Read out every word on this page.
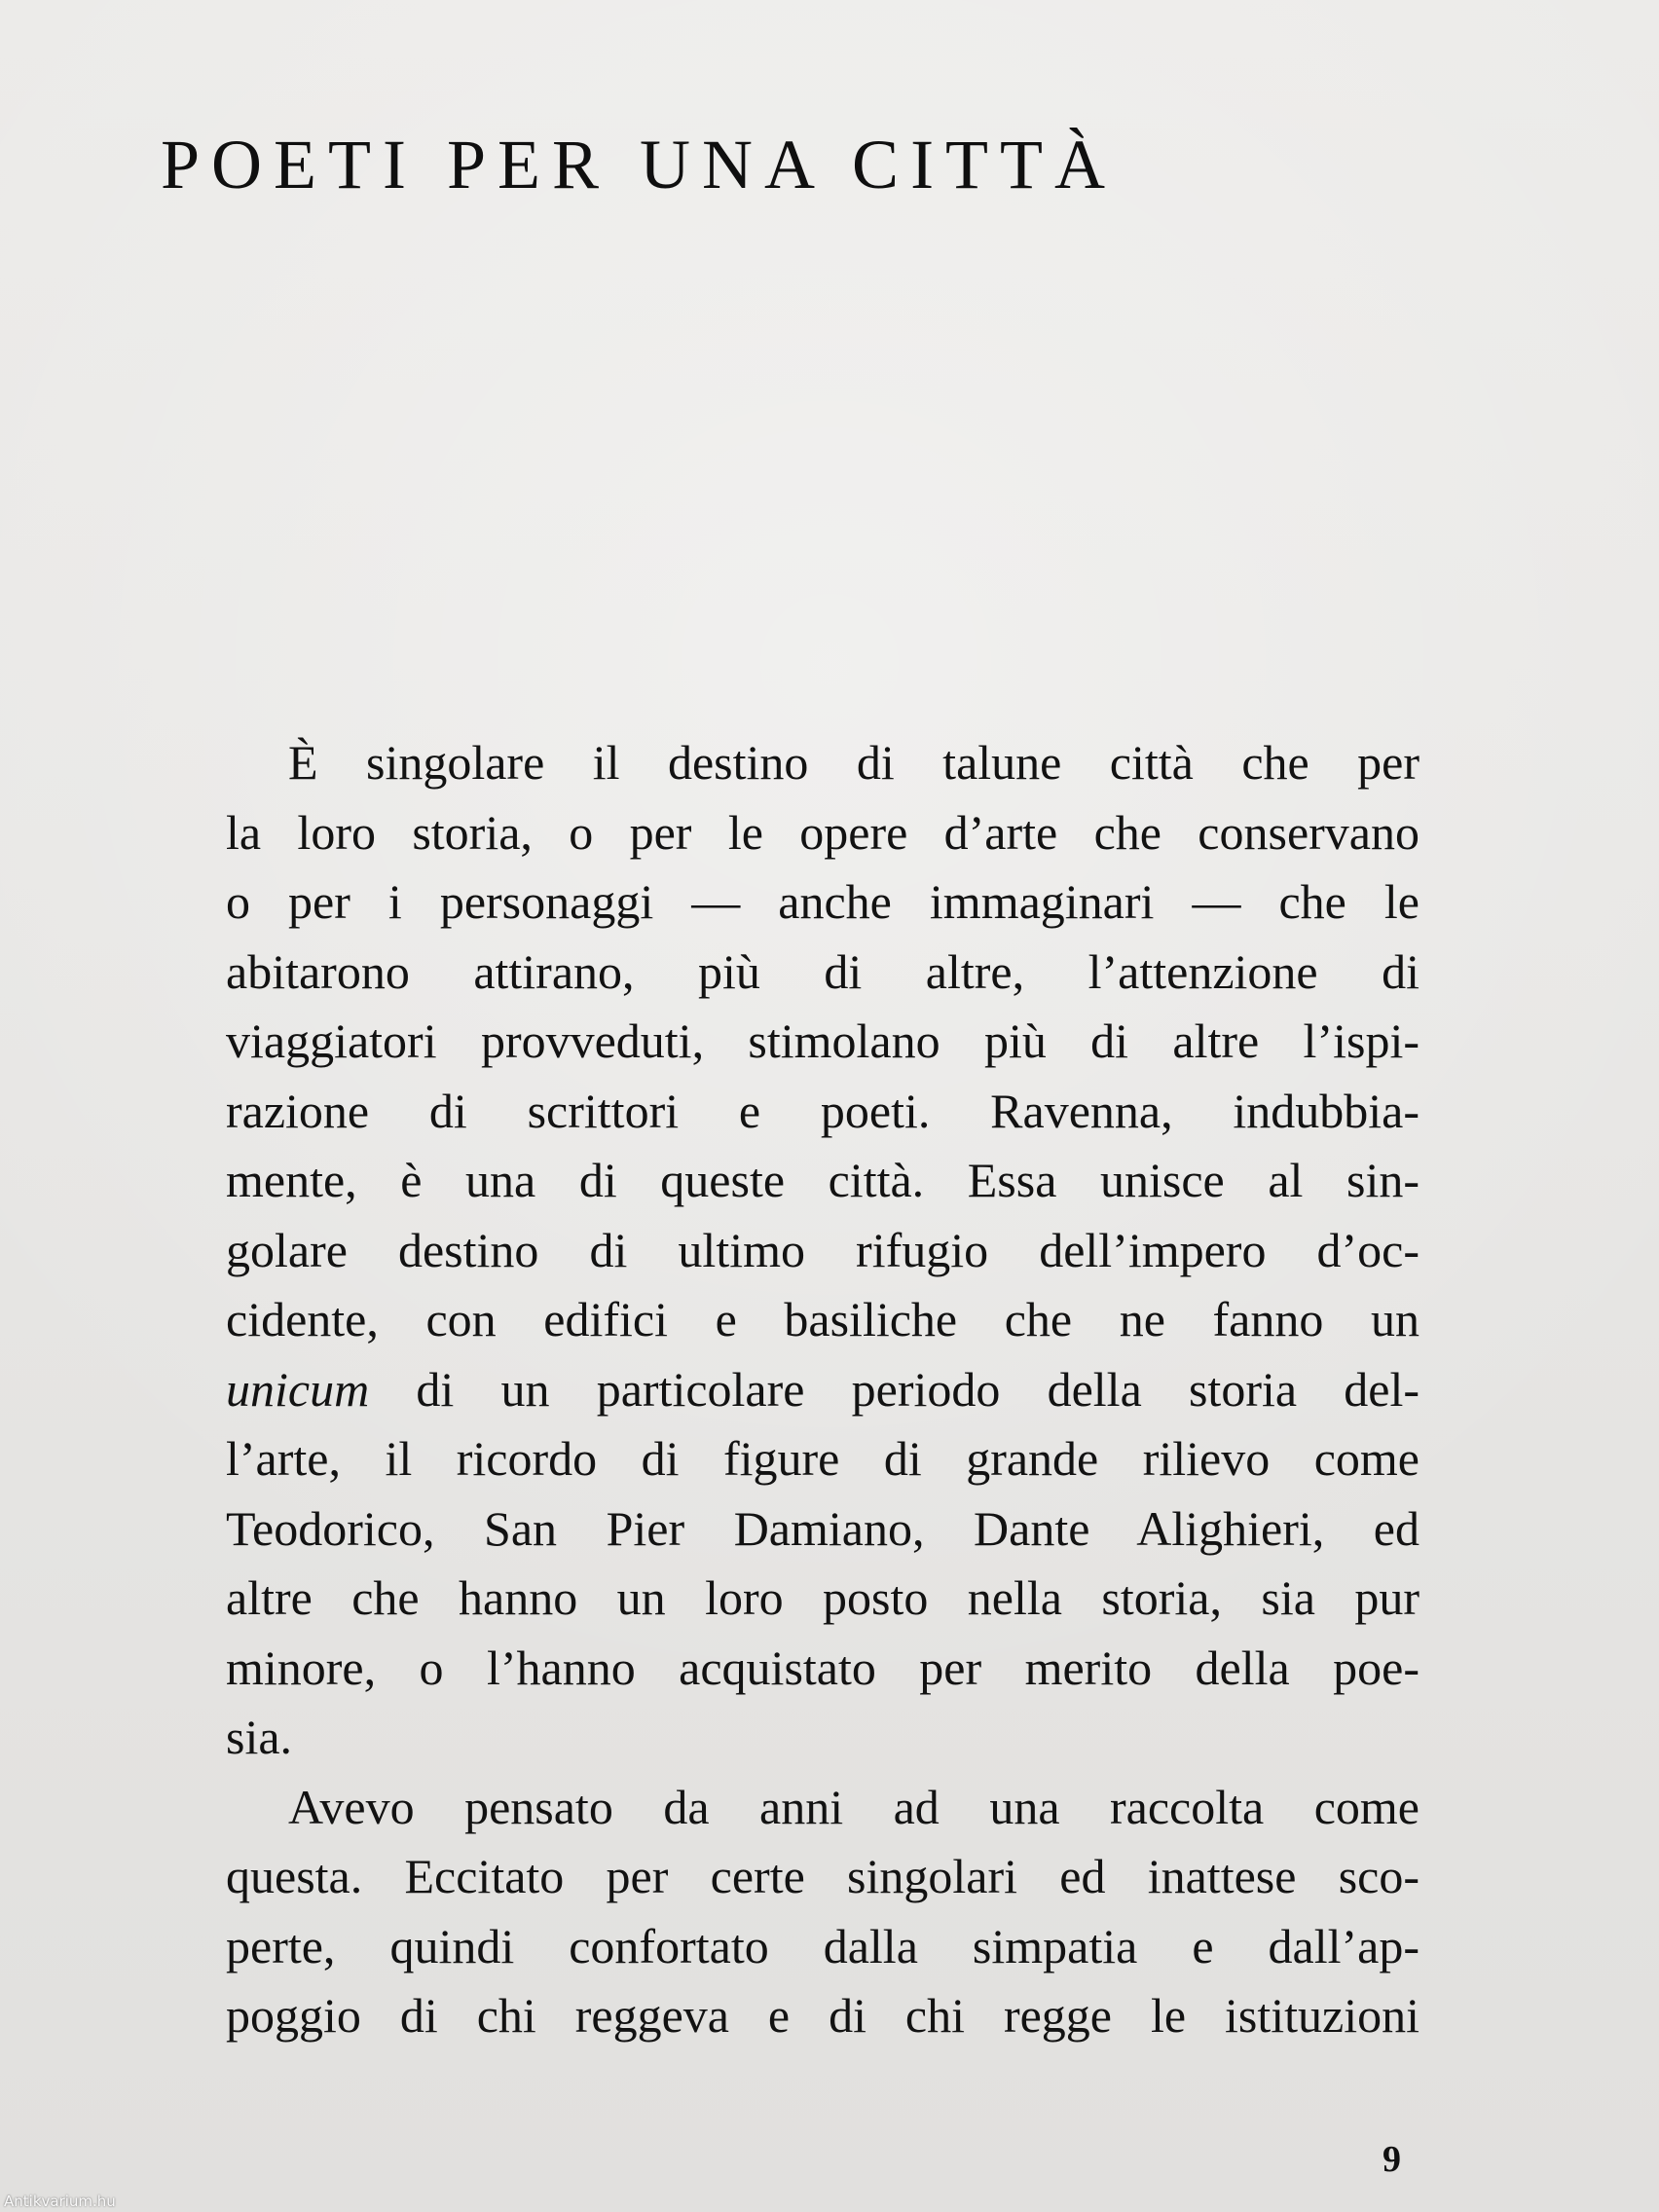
POETI PER UNA CITTÀ
È singolare il destino di talune città che per
la loro storia, o per le opere d’arte che conservano
o per i personaggi — anche immaginari — che le
abitarono attirano, più di altre, l’attenzione di
viaggiatori provveduti, stimolano più di altre l’ispi-
razione di scrittori e poeti. Ravenna, indubbia-
mente, è una di queste città. Essa unisce al sin-
golare destino di ultimo rifugio dell’impero d’oc-
cidente, con edifici e basiliche che ne fanno un
unicum di un particolare periodo della storia del-
l’arte, il ricordo di figure di grande rilievo come
Teodorico, San Pier Damiano, Dante Alighieri, ed
altre che hanno un loro posto nella storia, sia pur
minore, o l’hanno acquistato per merito della poe-
sia.
Avevo pensato da anni ad una raccolta come
questa. Eccitato per certe singolari ed inattese sco-
perte, quindi confortato dalla simpatia e dall’ap-
poggio di chi reggeva e di chi regge le istituzioni
9
Antikvarium.hu
